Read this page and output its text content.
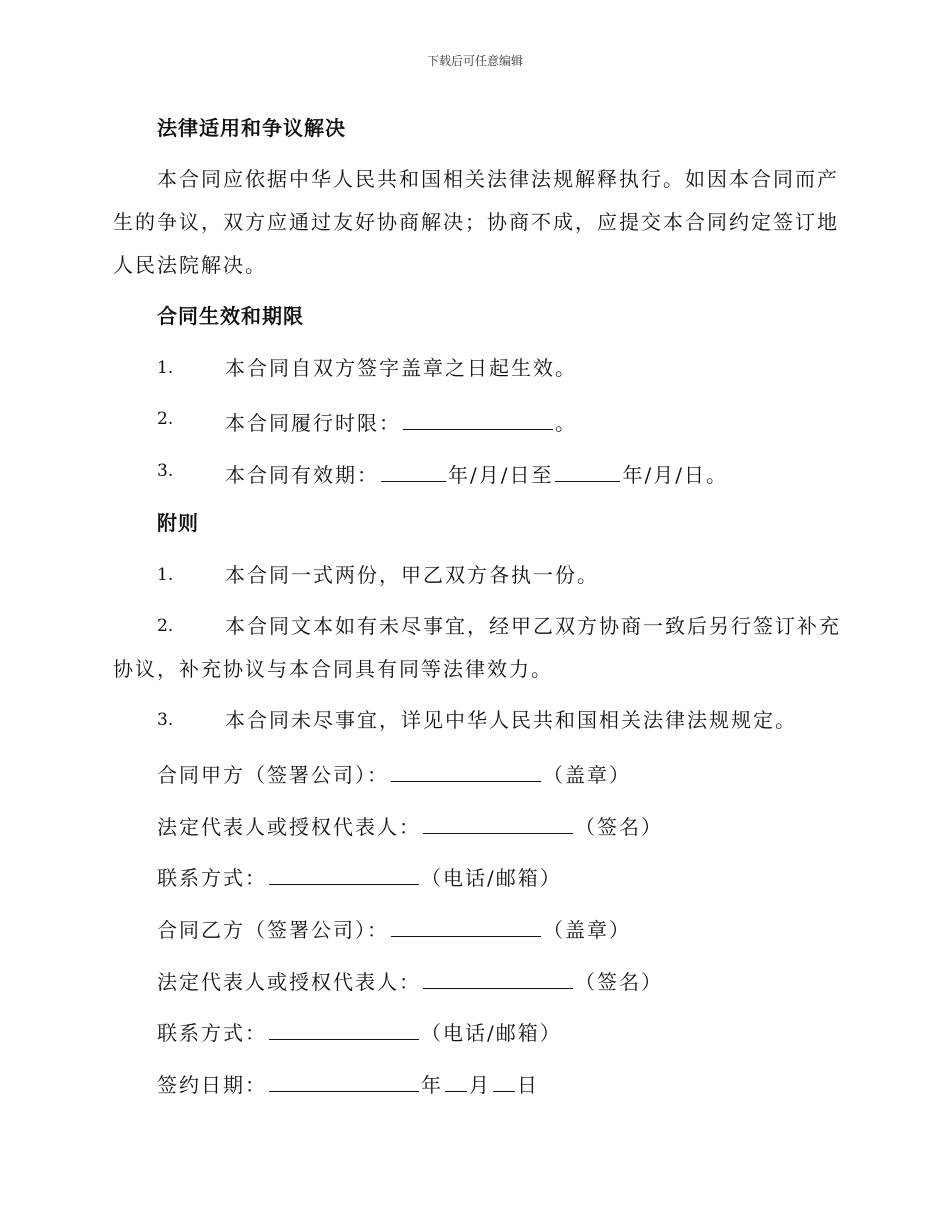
下载后可任意编辑
法律适用和争议解决
本合同应依据中华人民共和国相关法律法规解释执行。如因本合同而产
生的争议，双方应通过友好协商解决；协商不成，应提交本合同约定签订地
人民法院解决。
合同生效和期限
1.	本合同自双方签字盖章之日起生效。
2.	本合同履行时限：	。
3.	本合同有效期：	年/月/日至	年/月/日。
附则
1.	本合同一式两份，甲乙双方各执一份。
2.	本合同文本如有未尽事宜，经甲乙双方协商一致后另行签订补充
协议，补充协议与本合同具有同等法律效力。
3.	本合同未尽事宜，详见中华人民共和国相关法律法规规定。
合同甲方（签署公司）：	（盖章）
法定代表人或授权代表人：	（签名）
联系方式：	（电话/邮箱）
合同乙方（签署公司）：	（盖章）
法定代表人或授权代表人：	（签名）
联系方式：	（电话/邮箱）
签约日期：	年 月 日
